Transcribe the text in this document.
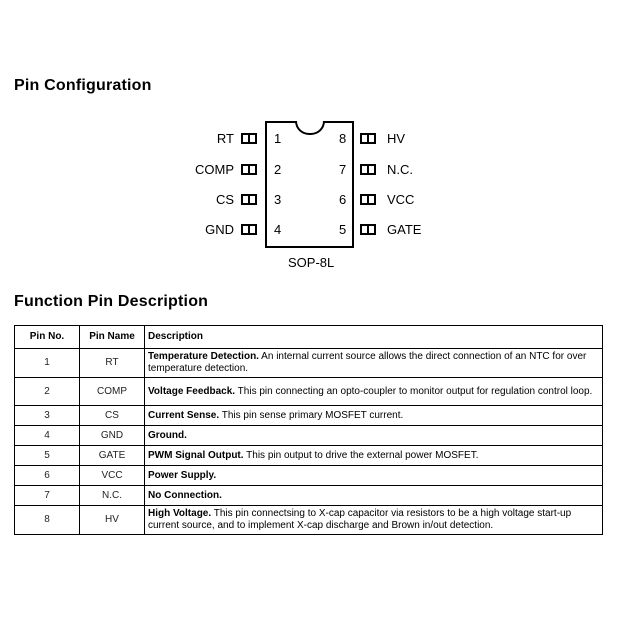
Pin Configuration
RT
COMP
CS
GND
1
2
3
4
HV
N.C.
VCC
GATE
8
7
6
5
SOP-8L
Function Pin Description
Pin No.	Pin Name	Description
1	RT	Temperature Detection. An internal current source allows the direct connection of an NTC for over temperature detection.
2	COMP	Voltage Feedback. This pin connecting an opto-coupler to monitor output for regulation control loop.
3	CS	Current Sense. This pin sense primary MOSFET current.
4	GND	Ground.
5	GATE	PWM Signal Output. This pin output to drive the external power MOSFET.
6	VCC	Power Supply.
7	N.C.	No Connection.
8	HV	High Voltage. This pin connectsing to X-cap capacitor via resistors to be a high voltage start-up current source, and to implement X-cap discharge and Brown in/out detection.
